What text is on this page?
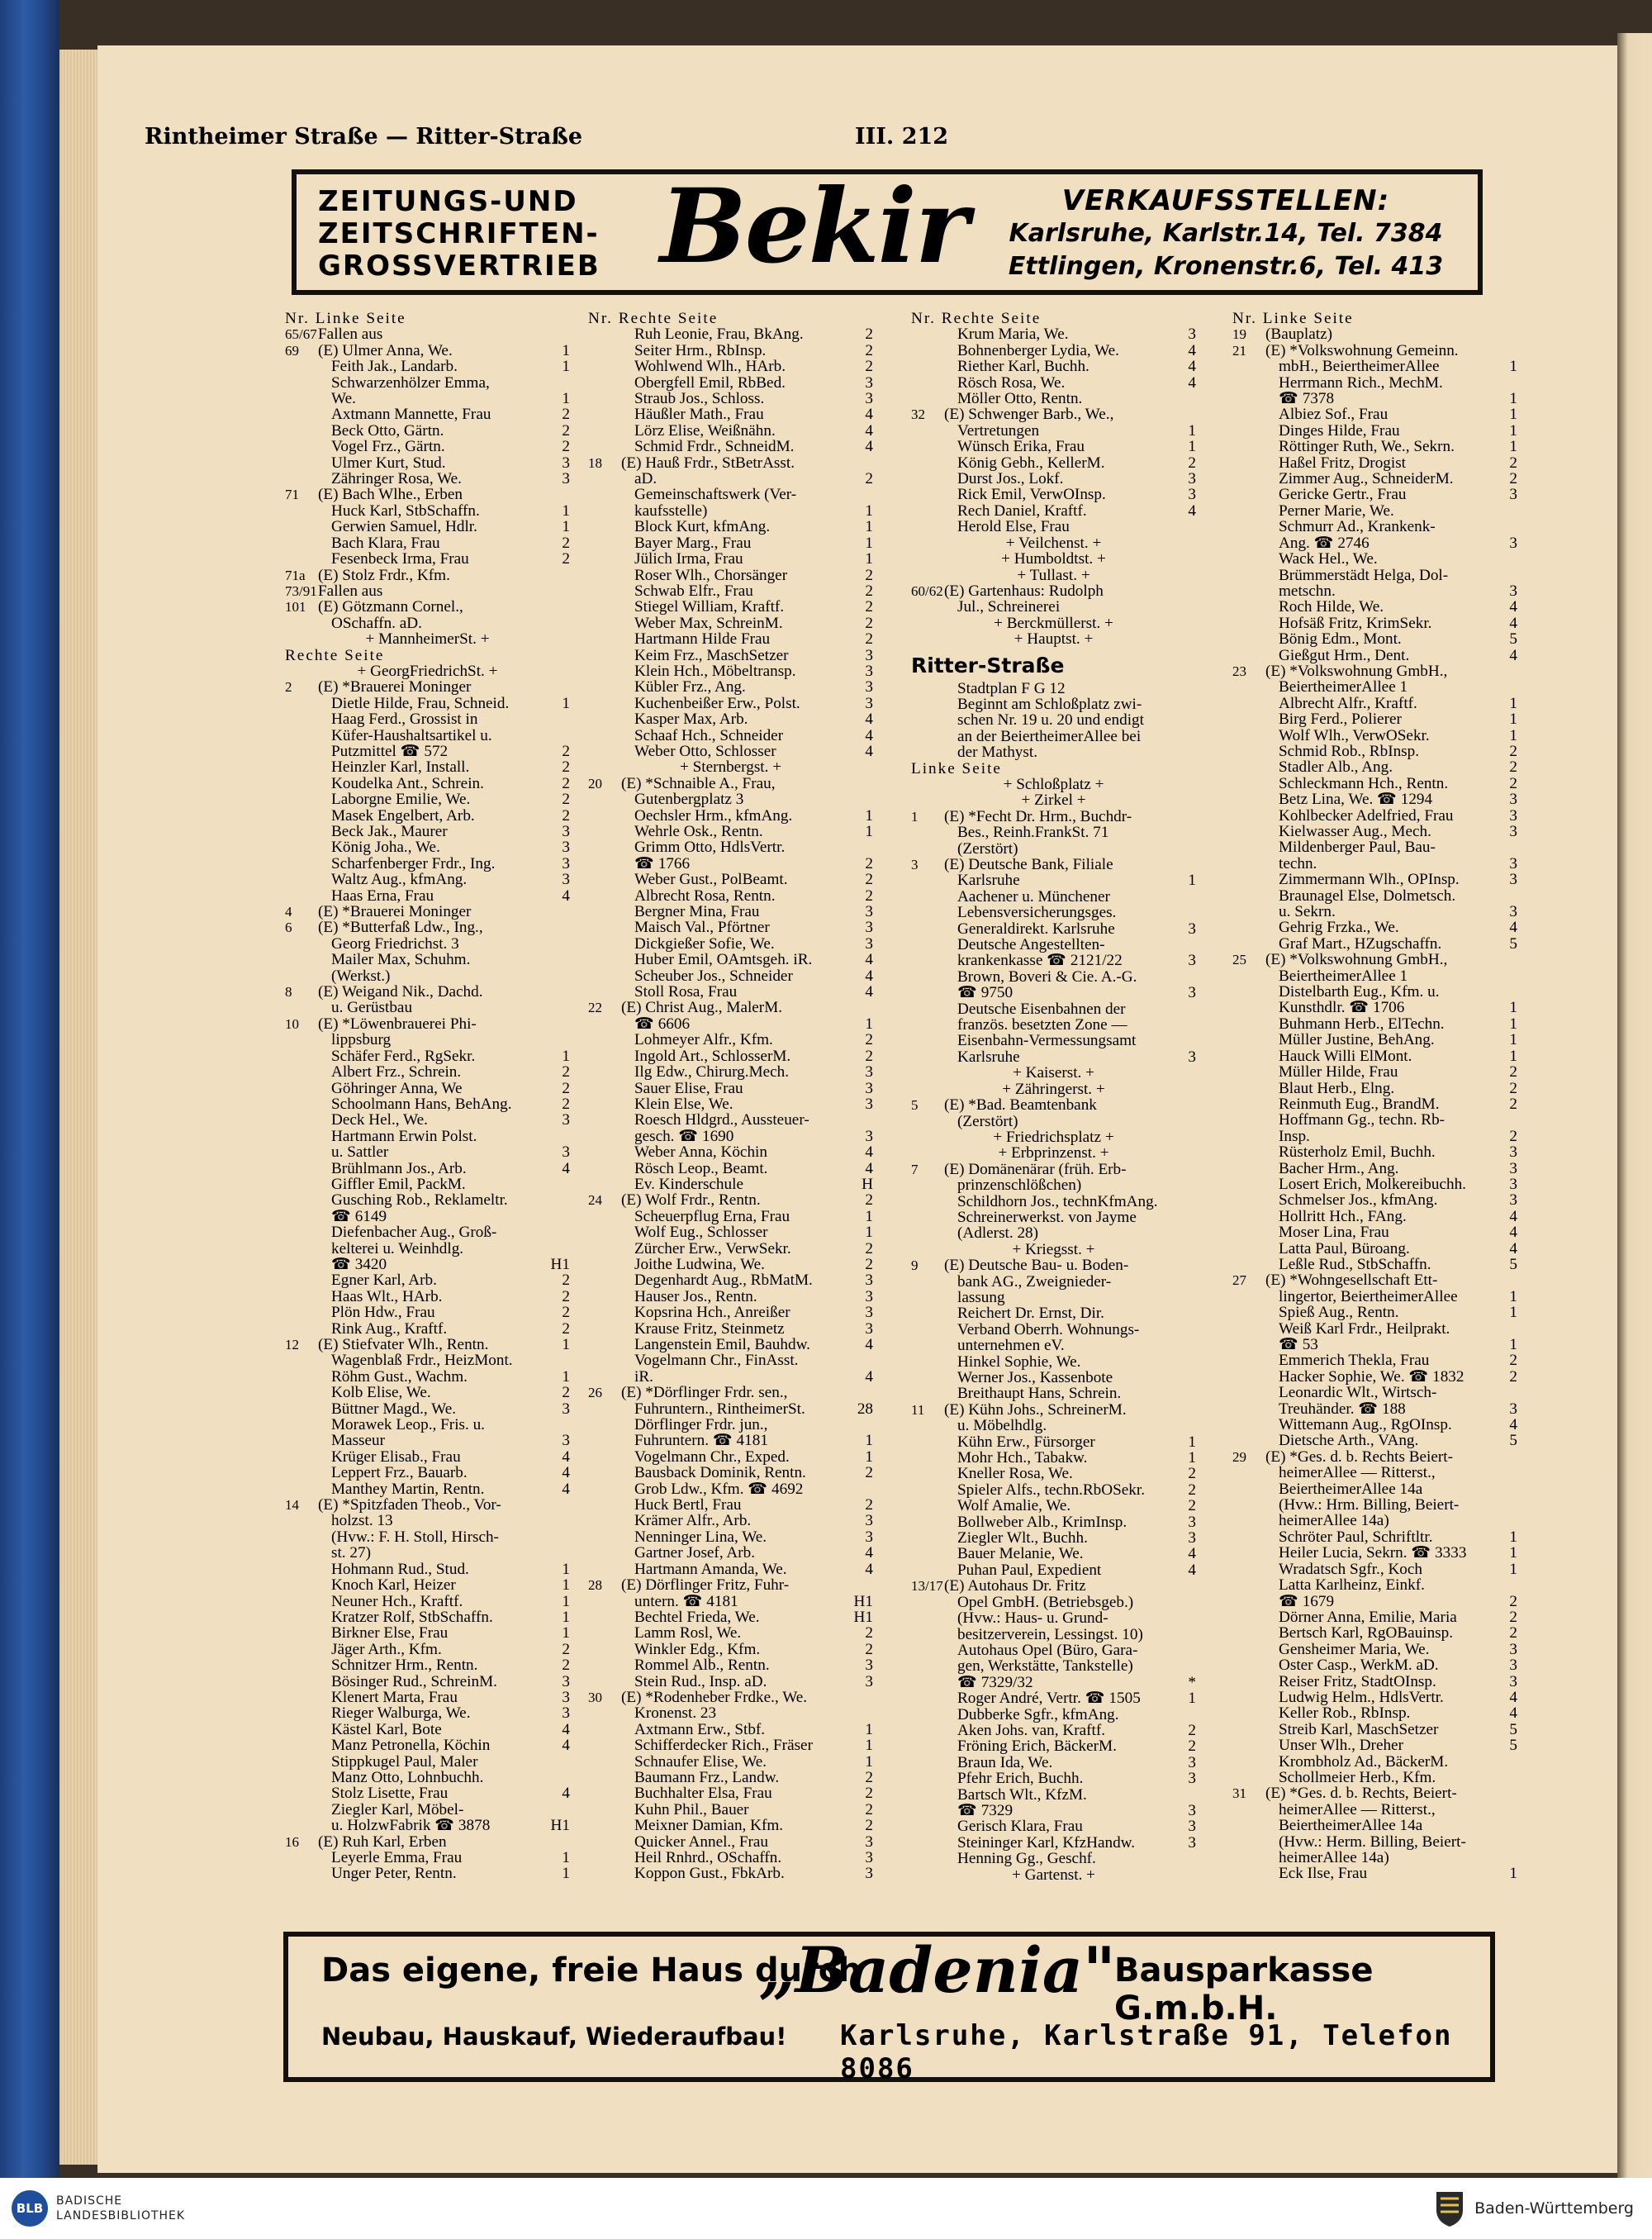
Rintheimer Straße — Ritter-Straße	III. 212
ZEITUNGS-UND
ZEITSCHRIFTEN-
GROSSVERTRIEB Bekir	VERKAUFSSTELLEN:
Karlsruhe, Karlstr.14, Tel. 7384
Ettlingen, Kronenstr.6, Tel. 413
Nr. Linke Seite
65/67 Fallen aus
69	(E) Ulmer Anna, We.	1
Feith Jak., Landarb.	1
Schwarzenhölzer Emma,
We.	1
Axtmann Mannette, Frau	2
Beck Otto, Gärtn.	2
Vogel Frz., Gärtn.	2
Ulmer Kurt, Stud.	3
Zähringer Rosa, We.	3
71	(E) Bach Wlhe., Erben
Huck Karl, StbSchaffn.	1
Gerwien Samuel, Hdlr.	1
Bach Klara, Frau	2
Fesenbeck Irma, Frau	2
71a (E) Stolz Frdr., Kfm.
73/91 Fallen aus
101 (E) Götzmann Cornel.,
OSchaffn. aD.
+ MannheimerSt. +
Rechte Seite
+ GeorgFriedrichSt. +
2	(E) *Brauerei Moninger
Dietle Hilde, Frau, Schneid.	1
Haag Ferd., Grossist in
Küfer-Haushaltsartikel u.
Putzmittel ☎ 572	2
Heinzler Karl, Install.	2
Koudelka Ant., Schrein.	2
Laborgne Emilie, We.	2
Masek Engelbert, Arb.	2
Beck Jak., Maurer	3
König Joha., We.	3
Scharfenberger Frdr., Ing.	3
Waltz Aug., kfmAng.	3
Haas Erna, Frau	4
4	(E) *Brauerei Moninger
6	(E) *Butterfaß Ldw., Ing.,
Georg Friedrichst. 3
Mailer Max, Schuhm.
(Werkst.)
8	(E) Weigand Nik., Dachd.
u. Gerüstbau
10	(E) *Löwenbrauerei Phi-
lippsburg
Schäfer Ferd., RgSekr.	1
Albert Frz., Schrein.	2
Göhringer Anna, We	2
Schoolmann Hans, BehAng.	2
Deck Hel., We.	3
Hartmann Erwin Polst.
u. Sattler	3
Brühlmann Jos., Arb.	4
Giffler Emil, PackM.
Gusching Rob., Reklameltr.
☎ 6149
Diefenbacher Aug., Groß-
kelterei u. Weinhdlg.
☎ 3420	H1
Egner Karl, Arb.	2
Haas Wlt., HArb.	2
Plön Hdw., Frau	2
Rink Aug., Kraftf.	2
12	(E) Stiefvater Wlh., Rentn.	1
Wagenblaß Frdr., HeizMont.
Röhm Gust., Wachm.	1
Kolb Elise, We.	2
Büttner Magd., We.	3
Morawek Leop., Fris. u.
Masseur	3
Krüger Elisab., Frau	4
Leppert Frz., Bauarb.	4
Manthey Martin, Rentn.	4
14	(E) *Spitzfaden Theob., Vor-
holzst. 13
(Hvw.: F. H. Stoll, Hirsch-
st. 27)
Hohmann Rud., Stud.	1
Knoch Karl, Heizer	1
Neuner Hch., Kraftf.	1
Kratzer Rolf, StbSchaffn.	1
Birkner Else, Frau	1
Jäger Arth., Kfm.	2
Schnitzer Hrm., Rentn.	2
Bösinger Rud., SchreinM.	3
Klenert Marta, Frau	3
Rieger Walburga, We.	3
Kästel Karl, Bote	4
Manz Petronella, Köchin	4
Stippkugel Paul, Maler
Manz Otto, Lohnbuchh.
Stolz Lisette, Frau	4
Ziegler Karl, Möbel-
u. HolzwFabrik ☎ 3878	H1
16	(E) Ruh Karl, Erben
Leyerle Emma, Frau	1
Unger Peter, Rentn.	1
Nr. Rechte Seite
Ruh Leonie, Frau, BkAng.	2
Seiter Hrm., RbInsp.	2
Wohlwend Wlh., HArb.	2
Obergfell Emil, RbBed.	3
Straub Jos., Schloss.	3
Häußler Math., Frau	4
Lörz Elise, Weißnähn.	4
Schmid Frdr., SchneidM.	4
18	(E) Hauß Frdr., StBetrAsst.
aD.	2
Gemeinschaftswerk (Ver-
kaufsstelle)	1
Block Kurt, kfmAng.	1
Bayer Marg., Frau	1
Jülich Irma, Frau	1
Roser Wlh., Chorsänger	2
Schwab Elfr., Frau	2
Stiegel William, Kraftf.	2
Weber Max, SchreinM.	2
Hartmann Hilde Frau	2
Keim Frz., MaschSetzer	3
Klein Hch., Möbeltransp.	3
Kübler Frz., Ang.	3
Kuchenbeißer Erw., Polst.	3
Kasper Max, Arb.	4
Schaaf Hch., Schneider	4
Weber Otto, Schlosser	4
+ Sternbergst. +
20	(E) *Schnaible A., Frau,
Gutenbergplatz 3
Oechsler Hrm., kfmAng.	1
Wehrle Osk., Rentn.	1
Grimm Otto, HdlsVertr.
☎ 1766	2
Weber Gust., PolBeamt.	2
Albrecht Rosa, Rentn.	2
Bergner Mina, Frau	3
Maisch Val., Pförtner	3
Dickgießer Sofie, We.	3
Huber Emil, OAmtsgeh. iR.	4
Scheuber Jos., Schneider	4
Stoll Rosa, Frau	4
22	(E) Christ Aug., MalerM.
☎ 6606	1
Lohmeyer Alfr., Kfm.	2
Ingold Art., SchlosserM.	2
Ilg Edw., Chirurg.Mech.	3
Sauer Elise, Frau	3
Klein Else, We.	3
Roesch Hldgrd., Aussteuer-
gesch. ☎ 1690	3
Weber Anna, Köchin	4
Rösch Leop., Beamt.	4
Ev. Kinderschule	H
24	(E) Wolf Frdr., Rentn.	2
Scheuerpflug Erna, Frau	1
Wolf Eug., Schlosser	1
Zürcher Erw., VerwSekr.	2
Joithe Ludwina, We.	2
Degenhardt Aug., RbMatM.	3
Hauser Jos., Rentn.	3
Kopsrina Hch., Anreißer	3
Krause Fritz, Steinmetz	3
Langenstein Emil, Bauhdw.	4
Vogelmann Chr., FinAsst.
iR.	4
26	(E) *Dörflinger Frdr. sen.,
Fuhruntern., RintheimerSt.	28
Dörflinger Frdr. jun.,
Fuhruntern. ☎ 4181	1
Vogelmann Chr., Exped.	1
Bausback Dominik, Rentn.	2
Grob Ldw., Kfm. ☎ 4692
Huck Bertl, Frau	2
Krämer Alfr., Arb.	3
Nenninger Lina, We.	3
Gartner Josef, Arb.	4
Hartmann Amanda, We.	4
28	(E) Dörflinger Fritz, Fuhr-
untern. ☎ 4181	H1
Bechtel Frieda, We.	H1
Lamm Rosl, We.	2
Winkler Edg., Kfm.	2
Rommel Alb., Rentn.	3
Stein Rud., Insp. aD.	3
30	(E) *Rodenheber Frdke., We.
Kronenst. 23
Axtmann Erw., Stbf.	1
Schifferdecker Rich., Fräser	1
Schnaufer Elise, We.	1
Baumann Frz., Landw.	2
Buchhalter Elsa, Frau	2
Kuhn Phil., Bauer	2
Meixner Damian, Kfm.	2
Quicker Annel., Frau	3
Heil Rnhrd., OSchaffn.	3
Koppon Gust., FbkArb.	3
Nr. Rechte Seite
Krum Maria, We.	3
Bohnenberger Lydia, We.	4
Riether Karl, Buchh.	4
Rösch Rosa, We.	4
Möller Otto, Rentn.
32	(E) Schwenger Barb., We.,
Vertretungen	1
Wünsch Erika, Frau	1
König Gebh., KellerM.	2
Durst Jos., Lokf.	3
Rick Emil, VerwOInsp.	3
Rech Daniel, Kraftf.	4
Herold Else, Frau
+ Veilchenst. +
+ Humboldtst. +
+ Tullast. +
60/62 (E) Gartenhaus: Rudolph
Jul., Schreinerei
+ Berckmüllerst. +
+ Hauptst. +
Ritter-Straße
Stadtplan F G 12
Beginnt am Schloßplatz zwi-
schen Nr. 19 u. 20 und endigt
an der BeiertheimerAllee bei
der Mathyst.
Linke Seite
+ Schloßplatz +
+ Zirkel +
1	(E) *Fecht Dr. Hrm., Buchdr-
Bes., Reinh.FrankSt. 71
(Zerstört)
3	(E) Deutsche Bank, Filiale
Karlsruhe	1
Aachener u. Münchener
Lebensversicherungsges.
Generaldirekt. Karlsruhe	3
Deutsche Angestellten-
krankenkasse ☎ 2121/22	3
Brown, Boveri & Cie. A.-G.
☎ 9750	3
Deutsche Eisenbahnen der
französ. besetzten Zone —
Eisenbahn-Vermessungsamt
Karlsruhe	3
+ Kaiserst. +
+ Zähringerst. +
5	(E) *Bad. Beamtenbank
(Zerstört)
+ Friedrichsplatz +
+ Erbprinzenst. +
7	(E) Domänenärar (früh. Erb-
prinzenschlößchen)
Schildhorn Jos., technKfmAng.
Schreinerwerkst. von Jayme
(Adlerst. 28)
+ Kriegsst. +
9	(E) Deutsche Bau- u. Boden-
bank AG., Zweignieder-
lassung
Reichert Dr. Ernst, Dir.
Verband Oberrh. Wohnungs-
unternehmen eV.
Hinkel Sophie, We.
Werner Jos., Kassenbote
Breithaupt Hans, Schrein.
11	(E) Kühn Johs., SchreinerM.
u. Möbelhdlg.
Kühn Erw., Fürsorger	1
Mohr Hch., Tabakw.	1
Kneller Rosa, We.	2
Spieler Alfs., techn.RbOSekr.	2
Wolf Amalie, We.	2
Bollweber Alb., KrimInsp.	3
Ziegler Wlt., Buchh.	3
Bauer Melanie, We.	4
Puhan Paul, Expedient	4
13/17 (E) Autohaus Dr. Fritz
Opel GmbH. (Betriebsgeb.)
(Hvw.: Haus- u. Grund-
besitzerverein, Lessingst. 10)
Autohaus Opel (Büro, Gara-
gen, Werkstätte, Tankstelle)
☎ 7329/32	*
Roger André, Vertr. ☎ 1505	1
Dubberke Sgfr., kfmAng.
Aken Johs. van, Kraftf.	2
Fröning Erich, BäckerM.	2
Braun Ida, We.	3
Pfehr Erich, Buchh.	3
Bartsch Wlt., KfzM.
☎ 7329	3
Gerisch Klara, Frau	3
Steininger Karl, KfzHandw.	3
Henning Gg., Geschf.
+ Gartenst. +
Nr. Linke Seite
19	(Bauplatz)
21	(E) *Volkswohnung Gemeinn.
mbH., BeiertheimerAllee	1
Herrmann Rich., MechM.
☎ 7378	1
Albiez Sof., Frau	1
Dinges Hilde, Frau	1
Röttinger Ruth, We., Sekrn.	1
Haßel Fritz, Drogist	2
Zimmer Aug., SchneiderM.	2
Gericke Gertr., Frau	3
Perner Marie, We.
Schmurr Ad., Krankenk-
Ang. ☎ 2746	3
Wack Hel., We.
Brümmerstädt Helga, Dol-
metschn.	3
Roch Hilde, We.	4
Hofsäß Fritz, KrimSekr.	4
Bönig Edm., Mont.	5
Gießgut Hrm., Dent.	4
23	(E) *Volkswohnung GmbH.,
BeiertheimerAllee 1
Albrecht Alfr., Kraftf.	1
Birg Ferd., Polierer	1
Wolf Wlh., VerwOSekr.	1
Schmid Rob., RbInsp.	2
Stadler Alb., Ang.	2
Schleckmann Hch., Rentn.	2
Betz Lina, We. ☎ 1294	3
Kohlbecker Adelfried, Frau	3
Kielwasser Aug., Mech.	3
Mildenberger Paul, Bau-
techn.	3
Zimmermann Wlh., OPInsp.	3
Braunagel Else, Dolmetsch.
u. Sekrn.	3
Gehrig Frzka., We.	4
Graf Mart., HZugschaffn.	5
25	(E) *Volkswohnung GmbH.,
BeiertheimerAllee 1
Distelbarth Eug., Kfm. u.
Kunsthdlr. ☎ 1706	1
Buhmann Herb., ElTechn.	1
Müller Justine, BehAng.	1
Hauck Willi ElMont.	1
Müller Hilde, Frau	2
Blaut Herb., Elng.	2
Reinmuth Eug., BrandM.	2
Hoffmann Gg., techn. Rb-
Insp.	2
Rüsterholz Emil, Buchh.	3
Bacher Hrm., Ang.	3
Losert Erich, Molkereibuchh.	3
Schmelser Jos., kfmAng.	3
Hollritt Hch., FAng.	4
Moser Lina, Frau	4
Latta Paul, Büroang.	4
Leßle Rud., StbSchaffn.	5
27	(E) *Wohngesellschaft Ett-
lingertor, BeiertheimerAllee	1
Spieß Aug., Rentn.	1
Weiß Karl Frdr., Heilprakt.
☎ 53	1
Emmerich Thekla, Frau	2
Hacker Sophie, We. ☎ 1832	2
Leonardic Wlt., Wirtsch-
Treuhänder. ☎ 188	3
Wittemann Aug., RgOInsp.	4
Dietsche Arth., VAng.	5
29	(E) *Ges. d. b. Rechts Beiert-
heimerAllee — Ritterst.,
BeiertheimerAllee 14a
(Hvw.: Hrm. Billing, Beiert-
heimerAllee 14a)
Schröter Paul, Schriftltr.	1
Heiler Lucia, Sekrn. ☎ 3333	1
Wradatsch Sgfr., Koch	1
Latta Karlheinz, Einkf.
☎ 1679	2
Dörner Anna, Emilie, Maria	2
Bertsch Karl, RgOBauinsp.	2
Gensheimer Maria, We.	3
Oster Casp., WerkM. aD.	3
Reiser Fritz, StadtOInsp.	3
Ludwig Helm., HdlsVertr.	4
Keller Rob., RbInsp.	4
Streib Karl, MaschSetzer	5
Unser Wlh., Dreher	5
Krombholz Ad., BäckerM.
Schollmeier Herb., Kfm.
31	(E) *Ges. d. b. Rechts, Beiert-
heimerAllee — Ritterst.,
BeiertheimerAllee 14a
(Hvw.: Herm. Billing, Beiert-
heimerAllee 14a)
Eck Ilse, Frau	1
Das eigene, freie Haus durch
„Badenia"
Bausparkasse G.m.b.H.
Neubau, Hauskauf, Wiederaufbau! Karlsruhe, Karlstraße 91, Telefon 8086
BLB	BADISCHE
LANDESBIBLIOTHEK	Baden-Württemberg
